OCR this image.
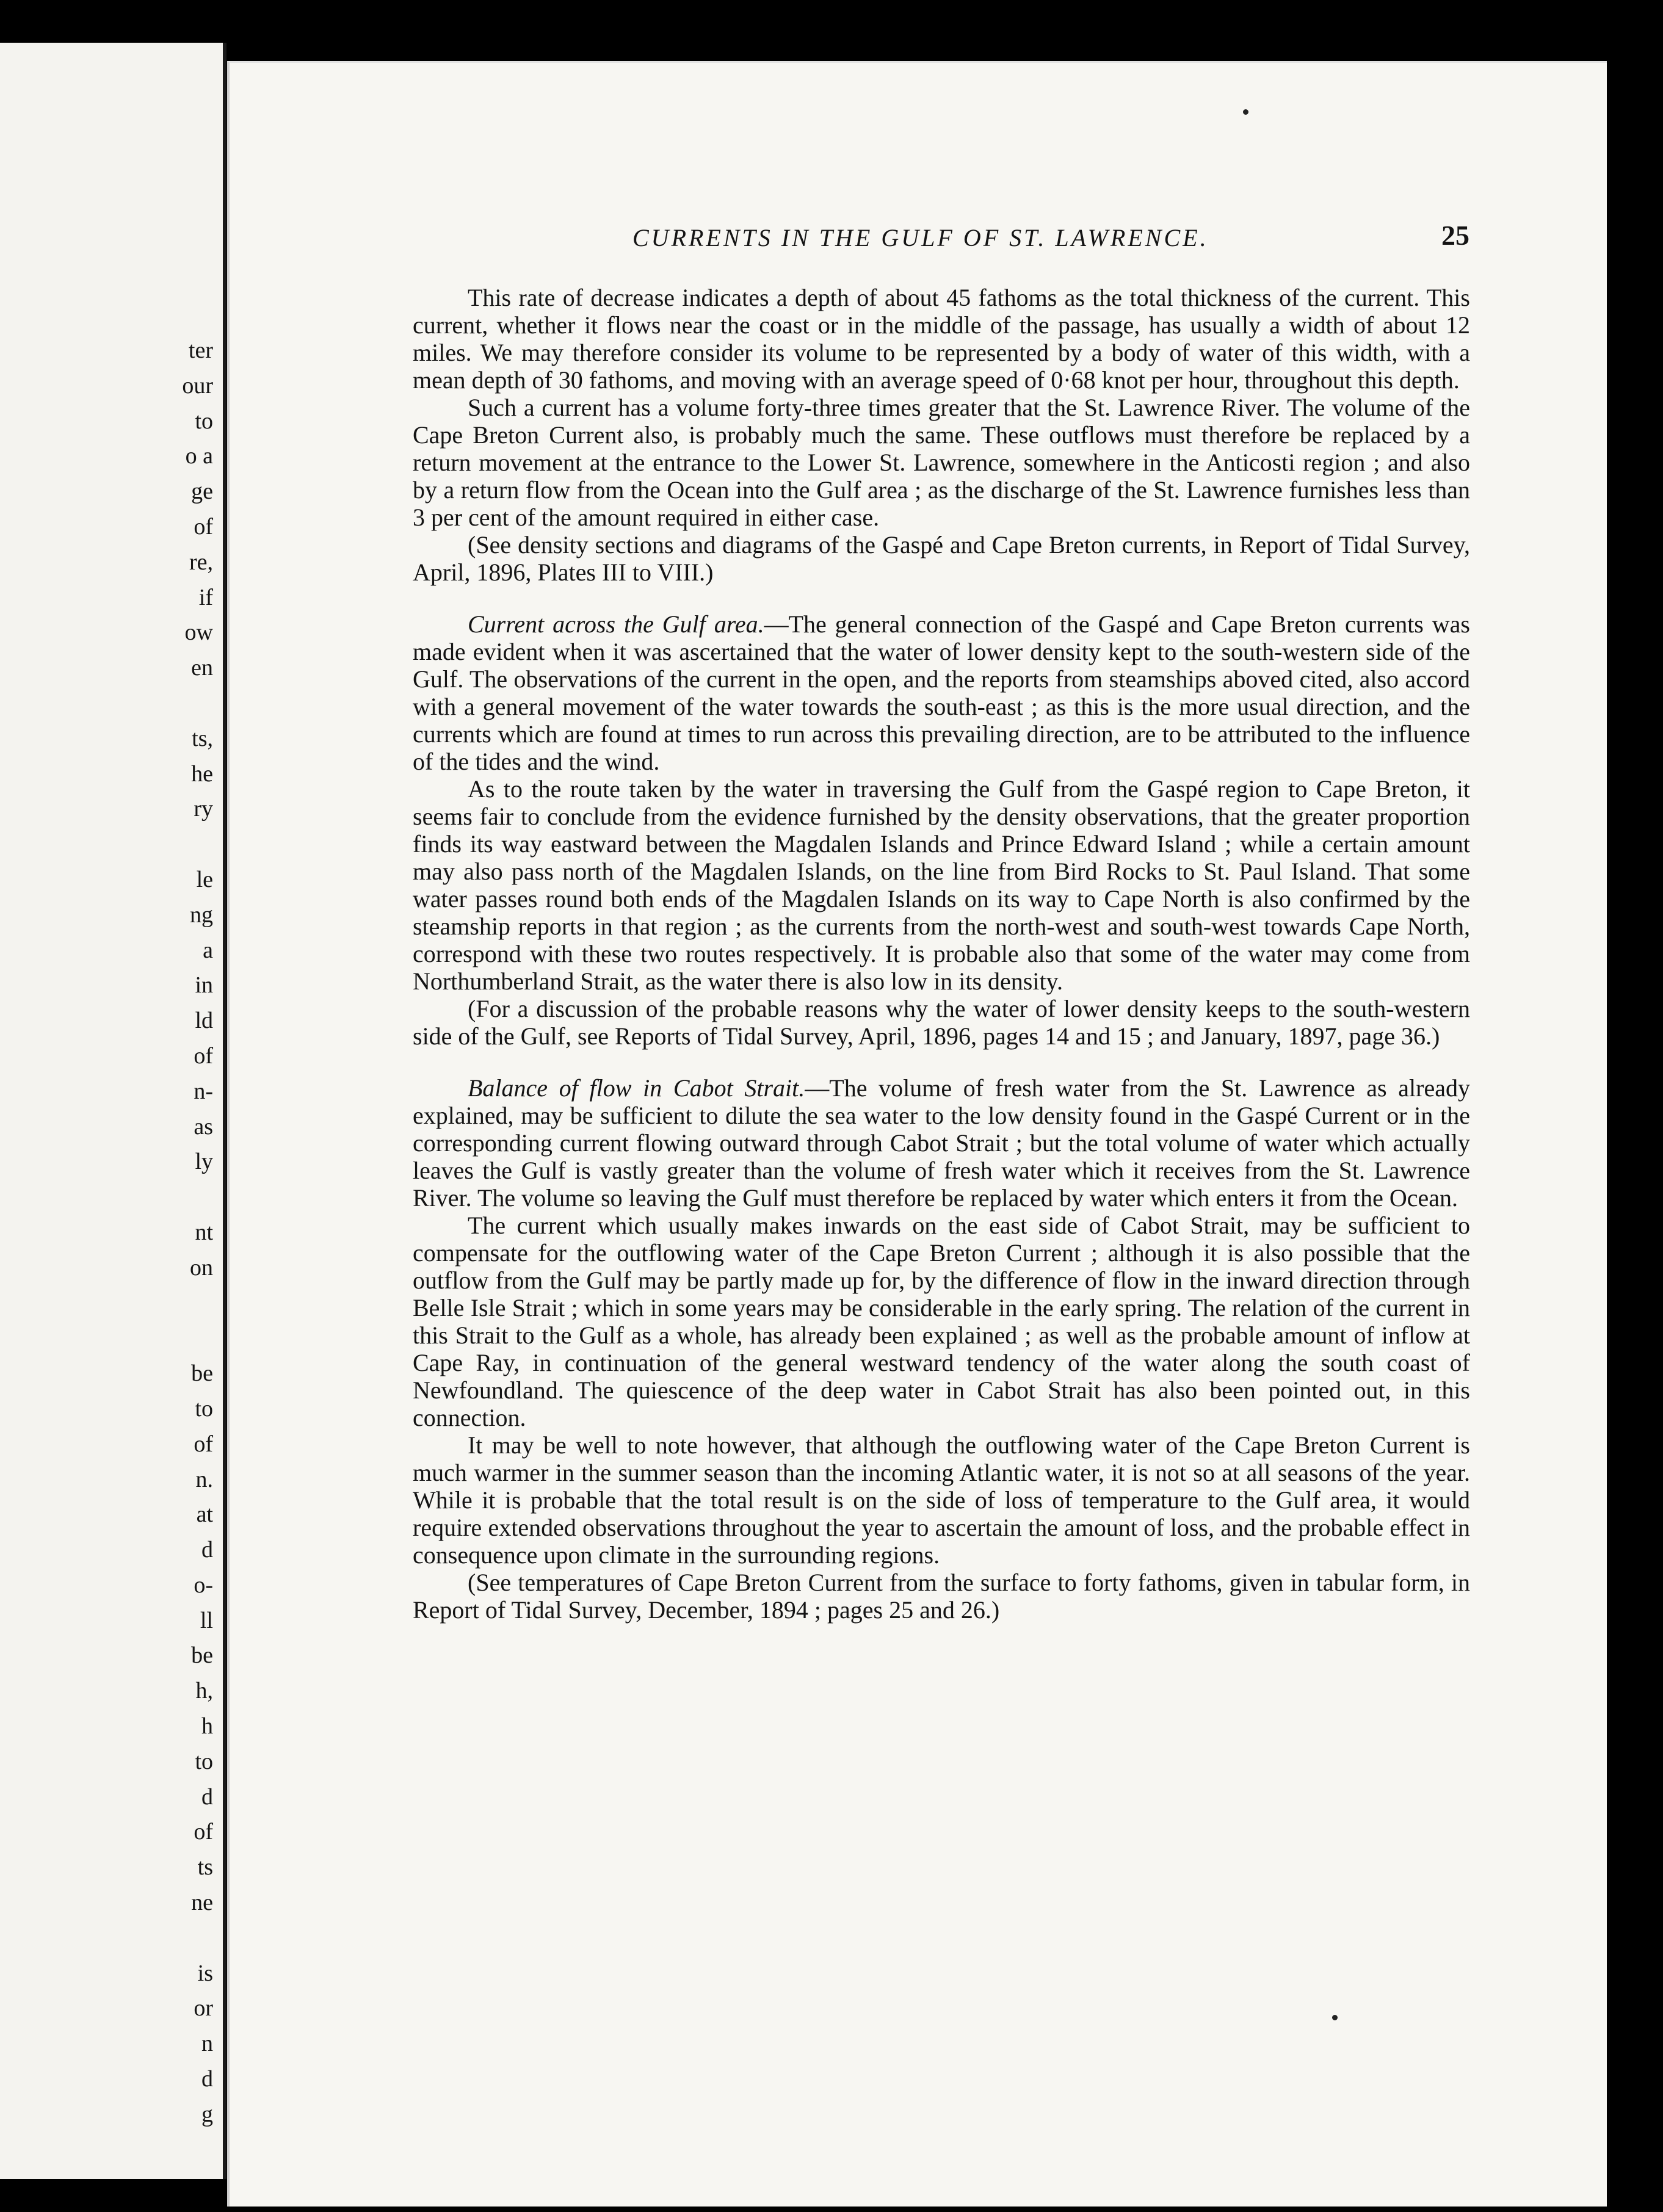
ter
our
to
o a
ge
of
re,
if
ow
en
ts,
he
ry
le
ng
a
in
ld
of
n-
as
ly
nt
on
be
to
of
n.
at
d
o-
ll
be
h,
h
to
d
of
ts
ne
is
or
n
d
g
CURRENTS IN THE GULF OF ST. LAWRENCE.	25

This rate of decrease indicates a depth of about 45 fathoms as the total thickness of the current. This current, whether it flows near the coast or in the middle of the passage, has usually a width of about 12 miles. We may therefore consider its volume to be represented by a body of water of this width, with a mean depth of 30 fathoms, and moving with an average speed of 0·68 knot per hour, throughout this depth.

Such a current has a volume forty-three times greater that the St. Lawrence River. The volume of the Cape Breton Current also, is probably much the same. These outflows must therefore be replaced by a return movement at the entrance to the Lower St. Lawrence, somewhere in the Anticosti region ; and also by a return flow from the Ocean into the Gulf area ; as the discharge of the St. Lawrence furnishes less than 3 per cent of the amount required in either case.

(See density sections and diagrams of the Gaspé and Cape Breton currents, in Report of Tidal Survey, April, 1896, Plates III to VIII.)

Current across the Gulf area.—The general connection of the Gaspé and Cape Breton currents was made evident when it was ascertained that the water of lower density kept to the south-western side of the Gulf. The observations of the current in the open, and the reports from steamships aboved cited, also accord with a general movement of the water towards the south-east ; as this is the more usual direction, and the currents which are found at times to run across this prevailing direction, are to be attributed to the influence of the tides and the wind.

As to the route taken by the water in traversing the Gulf from the Gaspé region to Cape Breton, it seems fair to conclude from the evidence furnished by the density observations, that the greater proportion finds its way eastward between the Magdalen Islands and Prince Edward Island ; while a certain amount may also pass north of the Magdalen Islands, on the line from Bird Rocks to St. Paul Island. That some water passes round both ends of the Magdalen Islands on its way to Cape North is also confirmed by the steamship reports in that region ; as the currents from the north-west and south-west towards Cape North, correspond with these two routes respectively. It is probable also that some of the water may come from Northumberland Strait, as the water there is also low in its density.

(For a discussion of the probable reasons why the water of lower density keeps to the south-western side of the Gulf, see Reports of Tidal Survey, April, 1896, pages 14 and 15 ; and January, 1897, page 36.)

Balance of flow in Cabot Strait.—The volume of fresh water from the St. Lawrence as already explained, may be sufficient to dilute the sea water to the low density found in the Gaspé Current or in the corresponding current flowing outward through Cabot Strait ; but the total volume of water which actually leaves the Gulf is vastly greater than the volume of fresh water which it receives from the St. Lawrence River. The volume so leaving the Gulf must therefore be replaced by water which enters it from the Ocean.

The current which usually makes inwards on the east side of Cabot Strait, may be sufficient to compensate for the outflowing water of the Cape Breton Current ; although it is also possible that the outflow from the Gulf may be partly made up for, by the difference of flow in the inward direction through Belle Isle Strait ; which in some years may be considerable in the early spring. The relation of the current in this Strait to the Gulf as a whole, has already been explained ; as well as the probable amount of inflow at Cape Ray, in continuation of the general westward tendency of the water along the south coast of Newfoundland. The quiescence of the deep water in Cabot Strait has also been pointed out, in this connection.

It may be well to note however, that although the outflowing water of the Cape Breton Current is much warmer in the summer season than the incoming Atlantic water, it is not so at all seasons of the year. While it is probable that the total result is on the side of loss of temperature to the Gulf area, it would require extended observations throughout the year to ascertain the amount of loss, and the probable effect in consequence upon climate in the surrounding regions.

(See temperatures of Cape Breton Current from the surface to forty fathoms, given in tabular form, in Report of Tidal Survey, December, 1894 ; pages 25 and 26.)
